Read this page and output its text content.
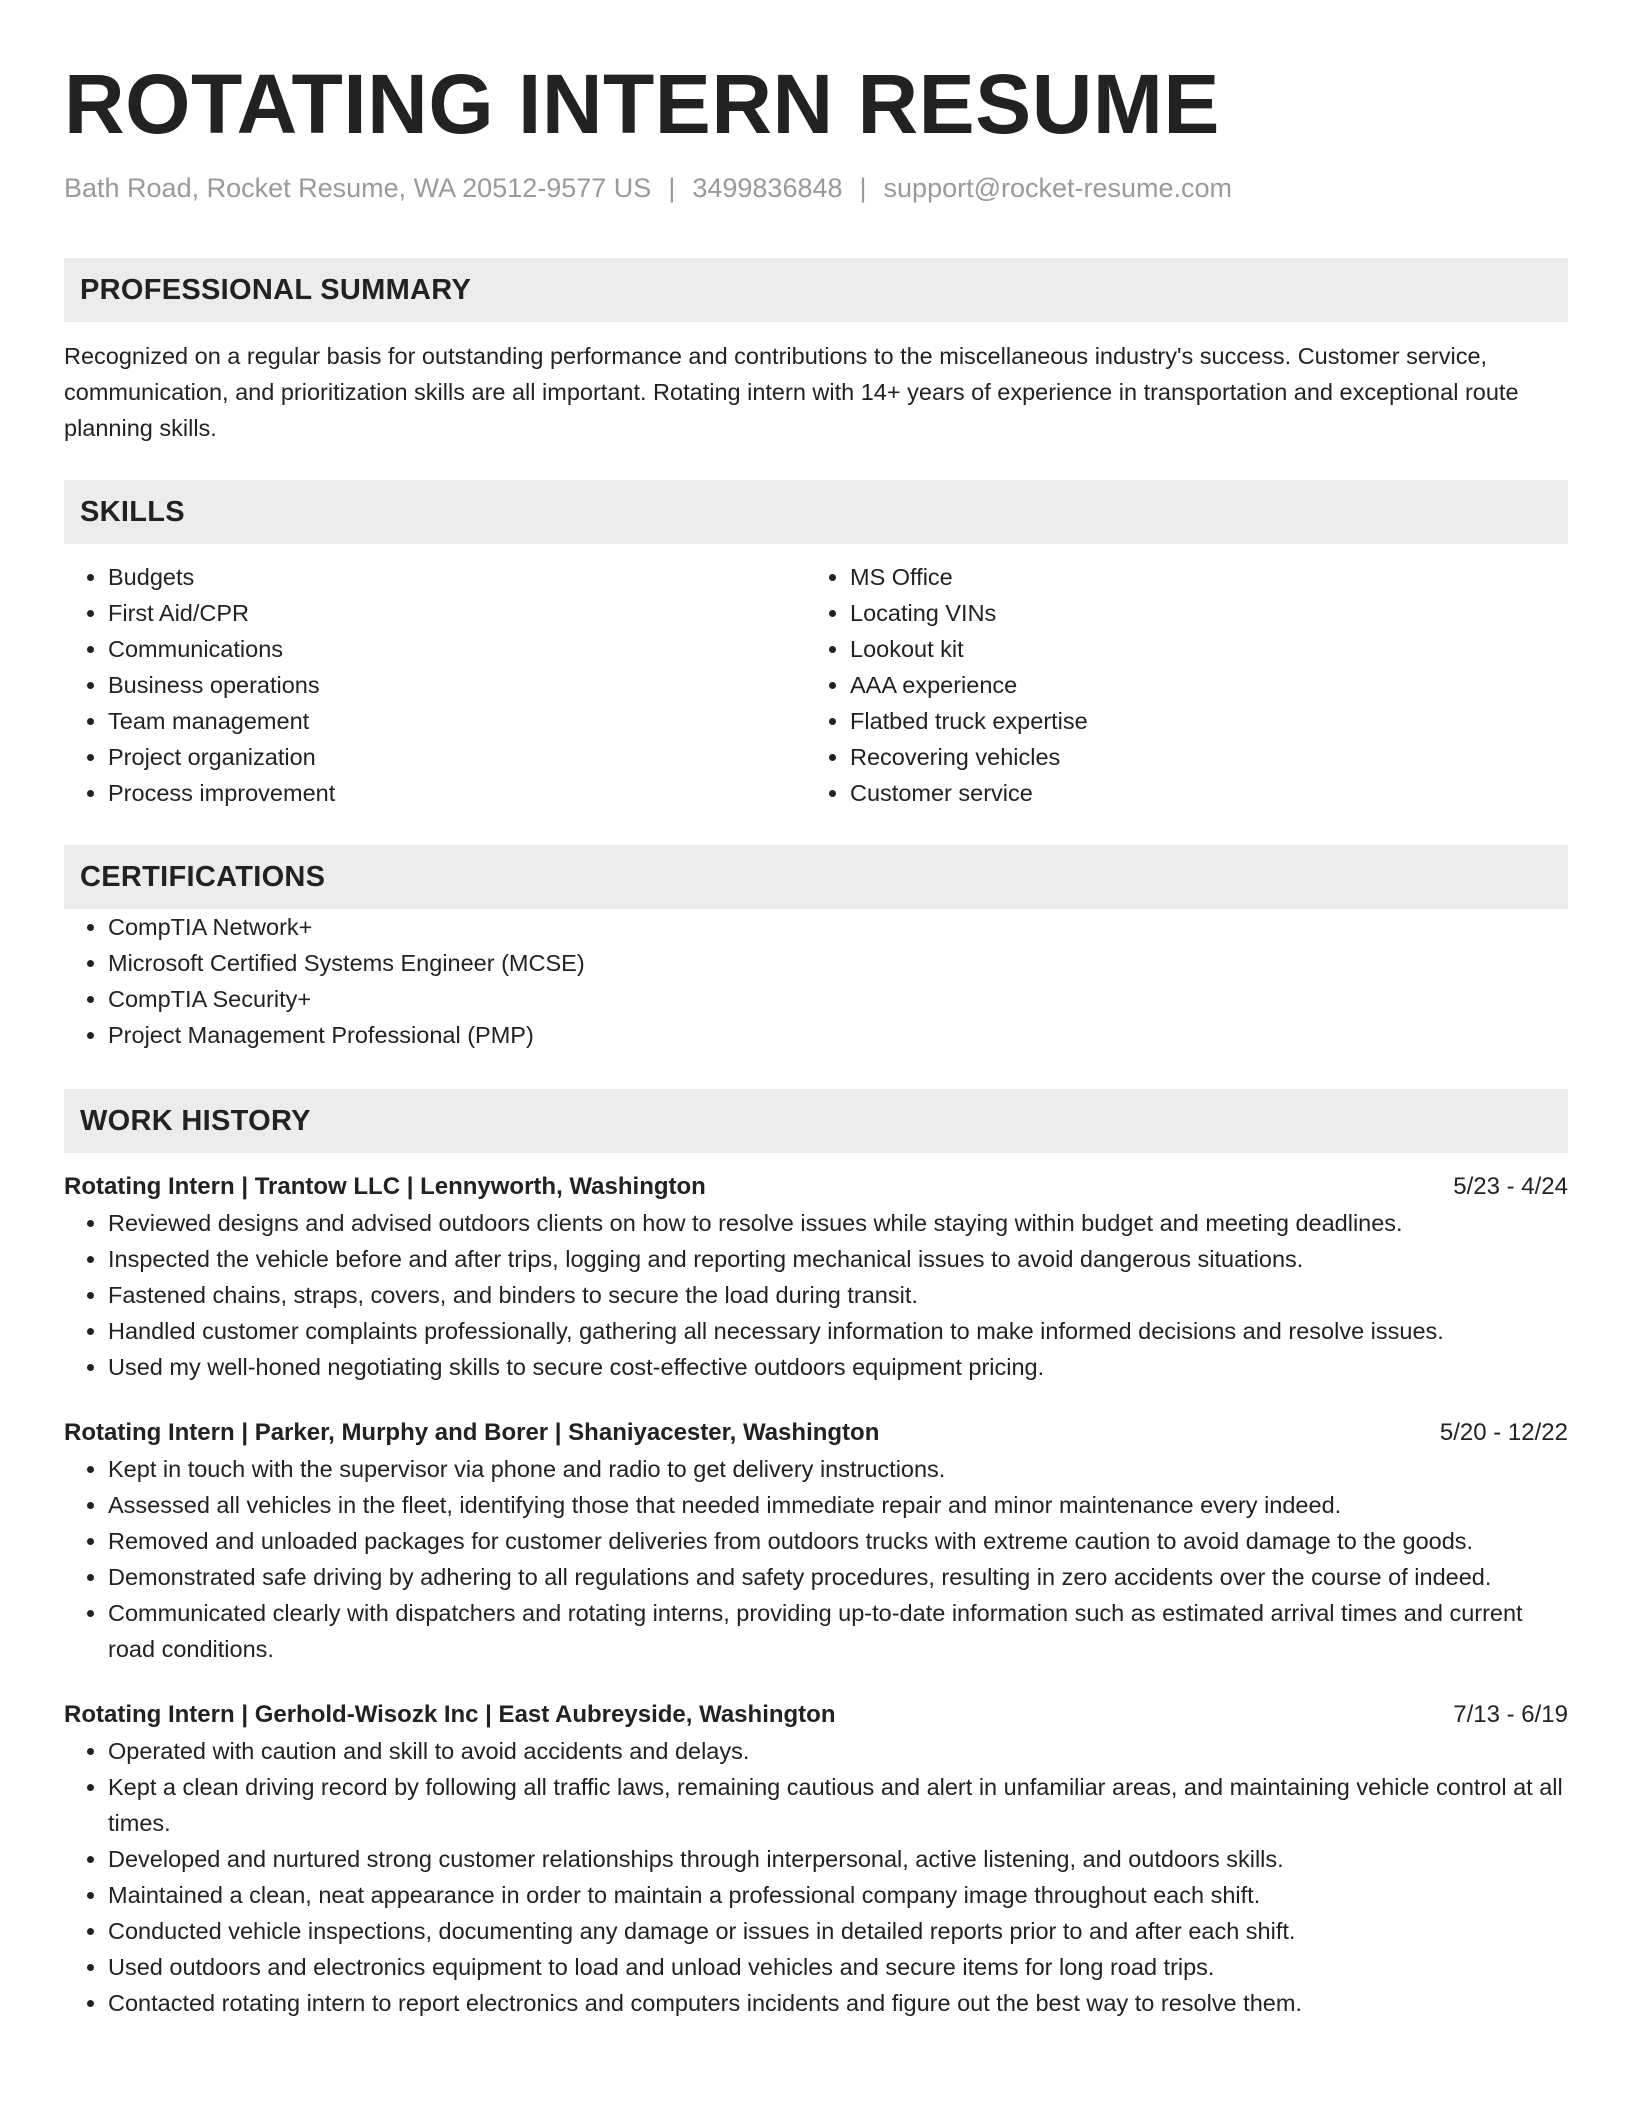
ROTATING INTERN RESUME
Bath Road, Rocket Resume, WA 20512-9577 US | 3499836848 | support@rocket-resume.com
PROFESSIONAL SUMMARY
Recognized on a regular basis for outstanding performance and contributions to the miscellaneous industry's success. Customer service, communication, and prioritization skills are all important. Rotating intern with 14+ years of experience in transportation and exceptional route planning skills.
SKILLS
• Budgets
• First Aid/CPR
• Communications
• Business operations
• Team management
• Project organization
• Process improvement
• MS Office
• Locating VINs
• Lookout kit
• AAA experience
• Flatbed truck expertise
• Recovering vehicles
• Customer service
CERTIFICATIONS
• CompTIA Network+
• Microsoft Certified Systems Engineer (MCSE)
• CompTIA Security+
• Project Management Professional (PMP)
WORK HISTORY
Rotating Intern | Trantow LLC | Lennyworth, Washington	5/23 - 4/24
• Reviewed designs and advised outdoors clients on how to resolve issues while staying within budget and meeting deadlines.
• Inspected the vehicle before and after trips, logging and reporting mechanical issues to avoid dangerous situations.
• Fastened chains, straps, covers, and binders to secure the load during transit.
• Handled customer complaints professionally, gathering all necessary information to make informed decisions and resolve issues.
• Used my well-honed negotiating skills to secure cost-effective outdoors equipment pricing.
Rotating Intern | Parker, Murphy and Borer | Shaniyacester, Washington	5/20 - 12/22
• Kept in touch with the supervisor via phone and radio to get delivery instructions.
• Assessed all vehicles in the fleet, identifying those that needed immediate repair and minor maintenance every indeed.
• Removed and unloaded packages for customer deliveries from outdoors trucks with extreme caution to avoid damage to the goods.
• Demonstrated safe driving by adhering to all regulations and safety procedures, resulting in zero accidents over the course of indeed.
• Communicated clearly with dispatchers and rotating interns, providing up-to-date information such as estimated arrival times and current road conditions.
Rotating Intern | Gerhold-Wisozk Inc | East Aubreyside, Washington	7/13 - 6/19
• Operated with caution and skill to avoid accidents and delays.
• Kept a clean driving record by following all traffic laws, remaining cautious and alert in unfamiliar areas, and maintaining vehicle control at all times.
• Developed and nurtured strong customer relationships through interpersonal, active listening, and outdoors skills.
• Maintained a clean, neat appearance in order to maintain a professional company image throughout each shift.
• Conducted vehicle inspections, documenting any damage or issues in detailed reports prior to and after each shift.
• Used outdoors and electronics equipment to load and unload vehicles and secure items for long road trips.
• Contacted rotating intern to report electronics and computers incidents and figure out the best way to resolve them.
